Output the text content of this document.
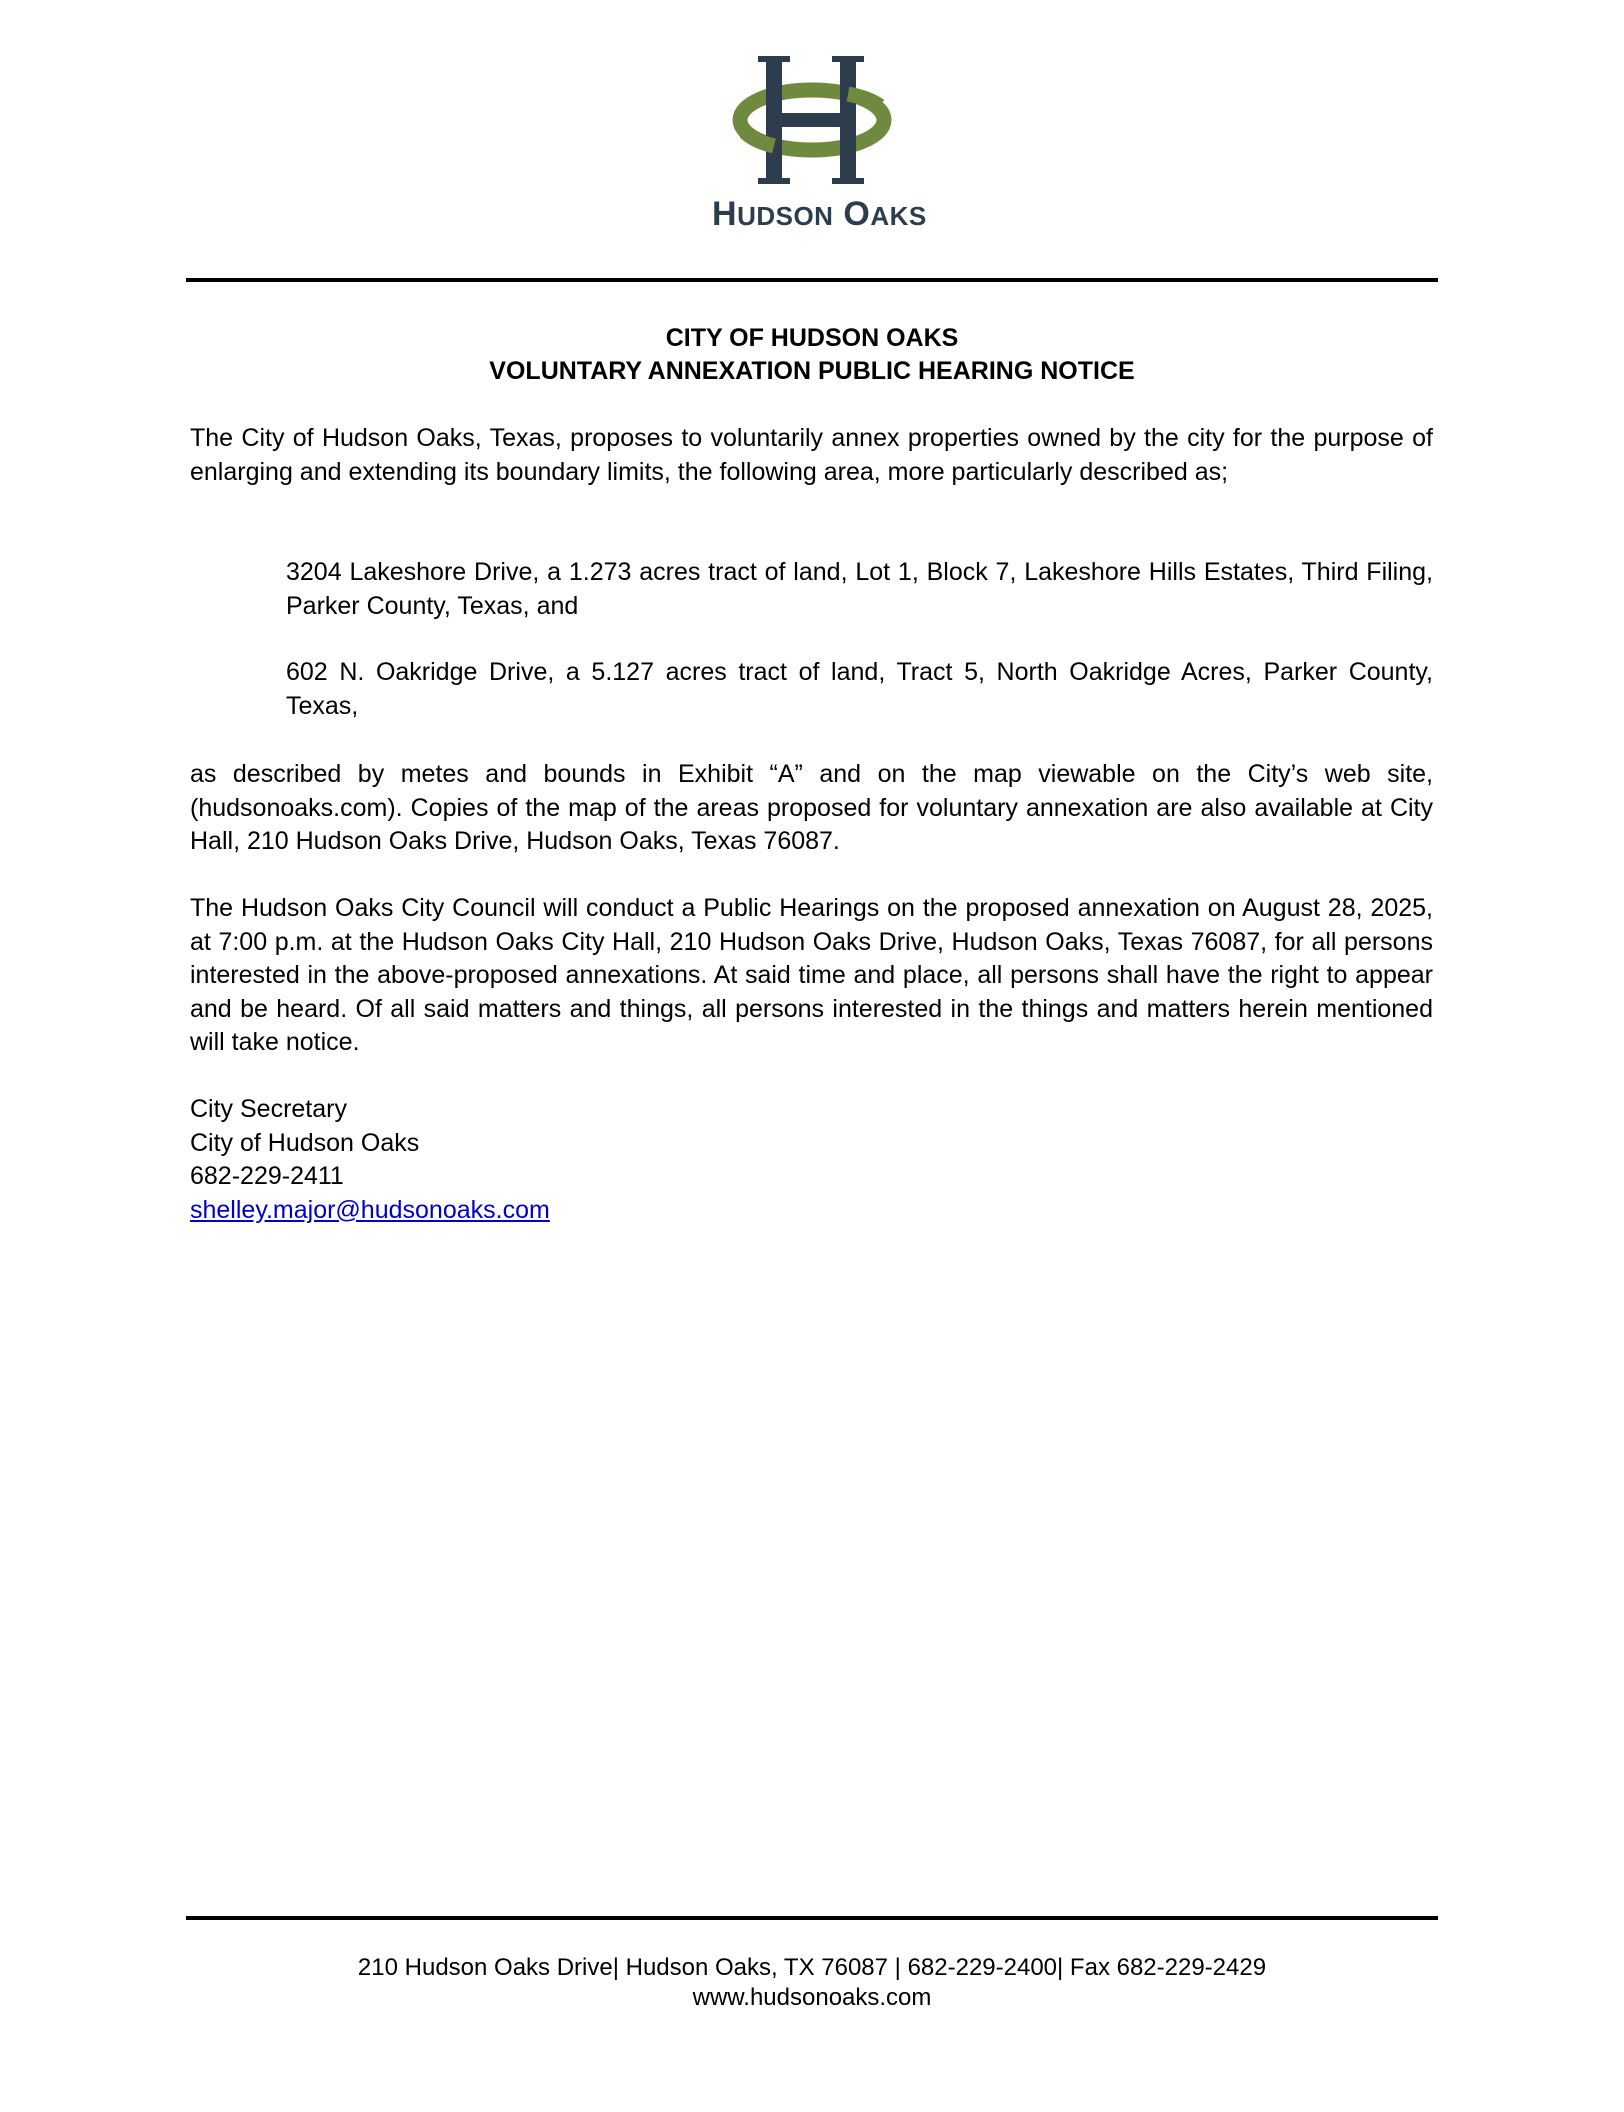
HUDSON OAKS
CITY OF HUDSON OAKS
VOLUNTARY ANNEXATION PUBLIC HEARING NOTICE
The City of Hudson Oaks, Texas, proposes to voluntarily annex properties owned by the city for the purpose of enlarging and extending its boundary limits, the following area, more particularly described as;
3204 Lakeshore Drive, a 1.273 acres tract of land, Lot 1, Block 7, Lakeshore Hills Estates, Third Filing, Parker County, Texas, and
602 N. Oakridge Drive, a 5.127 acres tract of land, Tract 5, North Oakridge Acres, Parker County, Texas,
as described by metes and bounds in Exhibit “A” and on the map viewable on the City’s web site, (hudsonoaks.com). Copies of the map of the areas proposed for voluntary annexation are also available at City Hall, 210 Hudson Oaks Drive, Hudson Oaks, Texas 76087.
The Hudson Oaks City Council will conduct a Public Hearings on the proposed annexation on August 28, 2025, at 7:00 p.m. at the Hudson Oaks City Hall, 210 Hudson Oaks Drive, Hudson Oaks, Texas 76087, for all persons interested in the above-proposed annexations. At said time and place, all persons shall have the right to appear and be heard. Of all said matters and things, all persons interested in the things and matters herein mentioned will take notice.
City Secretary
City of Hudson Oaks
682-229-2411
shelley.major@hudsonoaks.com
210 Hudson Oaks Drive| Hudson Oaks, TX 76087 | 682-229-2400| Fax 682-229-2429
www.hudsonoaks.com
